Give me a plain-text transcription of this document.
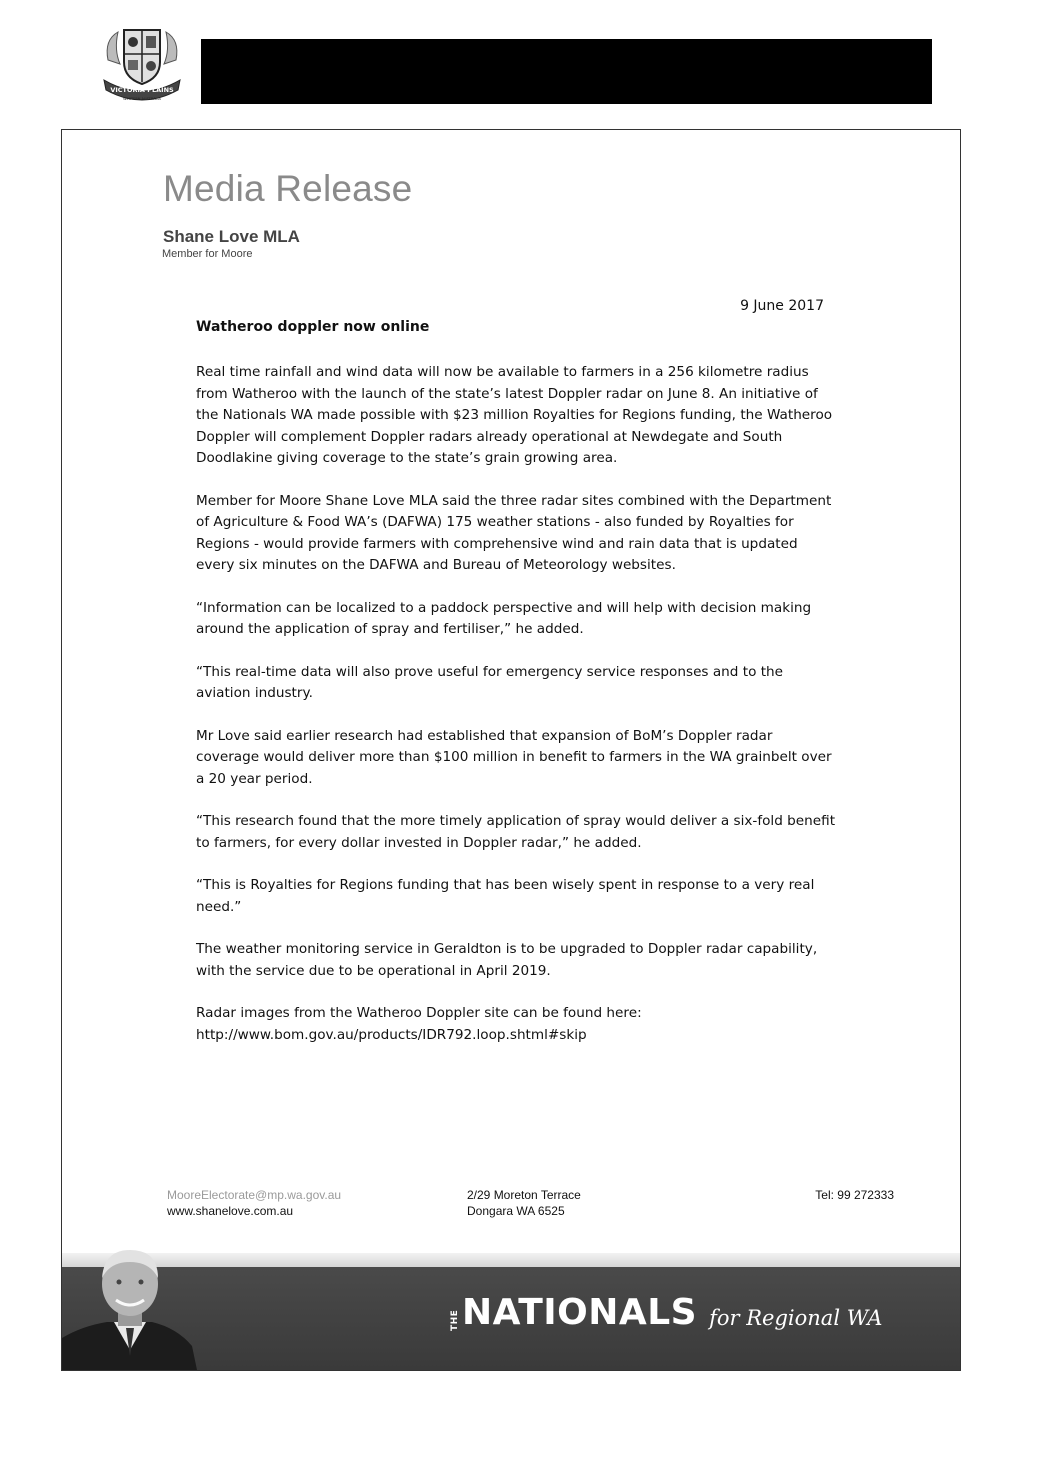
VICTORIA PLAINS
WESTERN AUSTRALIA
Media Release
Shane Love MLA
Member for Moore
9 June 2017
Watheroo doppler now online

Real time rainfall and wind data will now be available to farmers in a 256 kilometre radius from Watheroo with the launch of the state’s latest Doppler radar on June 8. An initiative of the Nationals WA made possible with $23 million Royalties for Regions funding, the Watheroo Doppler will complement Doppler radars already operational at Newdegate and South Doodlakine giving coverage to the state’s grain growing area.

Member for Moore Shane Love MLA said the three radar sites combined with the Department of Agriculture & Food WA’s (DAFWA) 175 weather stations - also funded by Royalties for Regions - would provide farmers with comprehensive wind and rain data that is updated every six minutes on the DAFWA and Bureau of Meteorology websites.

“Information can be localized to a paddock perspective and will help with decision making around the application of spray and fertiliser,” he added.

“This real-time data will also prove useful for emergency service responses and to the aviation industry.

Mr Love said earlier research had established that expansion of BoM’s Doppler radar coverage would deliver more than $100 million in benefit to farmers in the WA grainbelt over a 20 year period.

“This research found that the more timely application of spray would deliver a six-fold benefit to farmers, for every dollar invested in Doppler radar,” he added.

“This is Royalties for Regions funding that has been wisely spent in response to a very real need.”

The weather monitoring service in Geraldton is to be upgraded to Doppler radar capability, with the service due to be operational in April 2019.

Radar images from the Watheroo Doppler site can be found here:
http://www.bom.gov.au/products/IDR792.loop.shtml#skip

MooreElectorate@mp.wa.gov.au
www.shanelove.com.au
2/29 Moreton Terrace
Dongara WA 6525
Tel: 99 272333
THE NATIONALS for Regional WA
